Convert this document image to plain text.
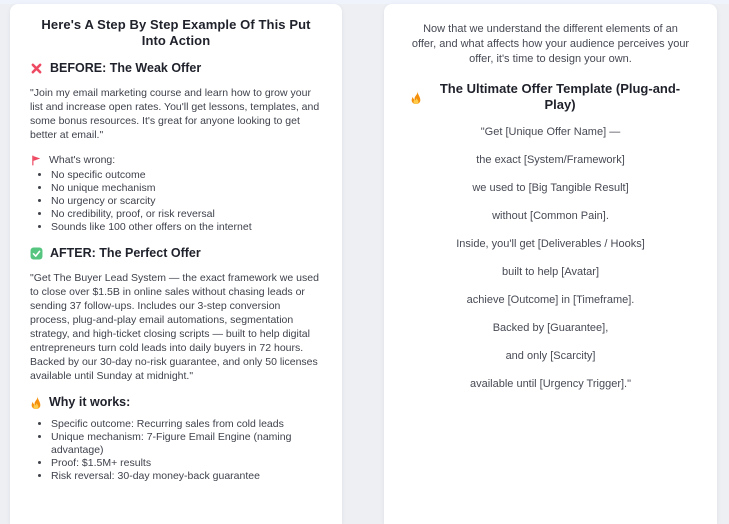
Here's A Step By Step Example Of This Put Into Action
BEFORE: The Weak Offer

"Join my email marketing course and learn how to grow your list and increase open rates. You'll get lessons, templates, and some bonus resources. It's great for anyone looking to get better at email."

What's wrong:
• No specific outcome
• No unique mechanism
• No urgency or scarcity
• No credibility, proof, or risk reversal
• Sounds like 100 other offers on the internet
AFTER: The Perfect Offer

"Get The Buyer Lead System — the exact framework we used to close over $1.5B in online sales without chasing leads or sending 37 follow-ups. Includes our 3-step conversion process, plug-and-play email automations, segmentation strategy, and high-ticket closing scripts — built to help digital entrepreneurs turn cold leads into daily buyers in 72 hours. Backed by our 30-day no-risk guarantee, and only 50 licenses available until Sunday at midnight."

Why it works:
• Specific outcome: Recurring sales from cold leads
• Unique mechanism: 7-Figure Email Engine (naming advantage)
• Proof: $1.5M+ results
• Risk reversal: 30-day money-back guarantee

Now that we understand the different elements of an offer, and what affects how your audience perceives your offer, it's time to design your own.

The Ultimate Offer Template (Plug-and-Play)

"Get [Unique Offer Name] —

the exact [System/Framework]

we used to [Big Tangible Result]

without [Common Pain].

Inside, you'll get [Deliverables / Hooks]

built to help [Avatar]

achieve [Outcome] in [Timeframe].

Backed by [Guarantee],

and only [Scarcity]

available until [Urgency Trigger]."
